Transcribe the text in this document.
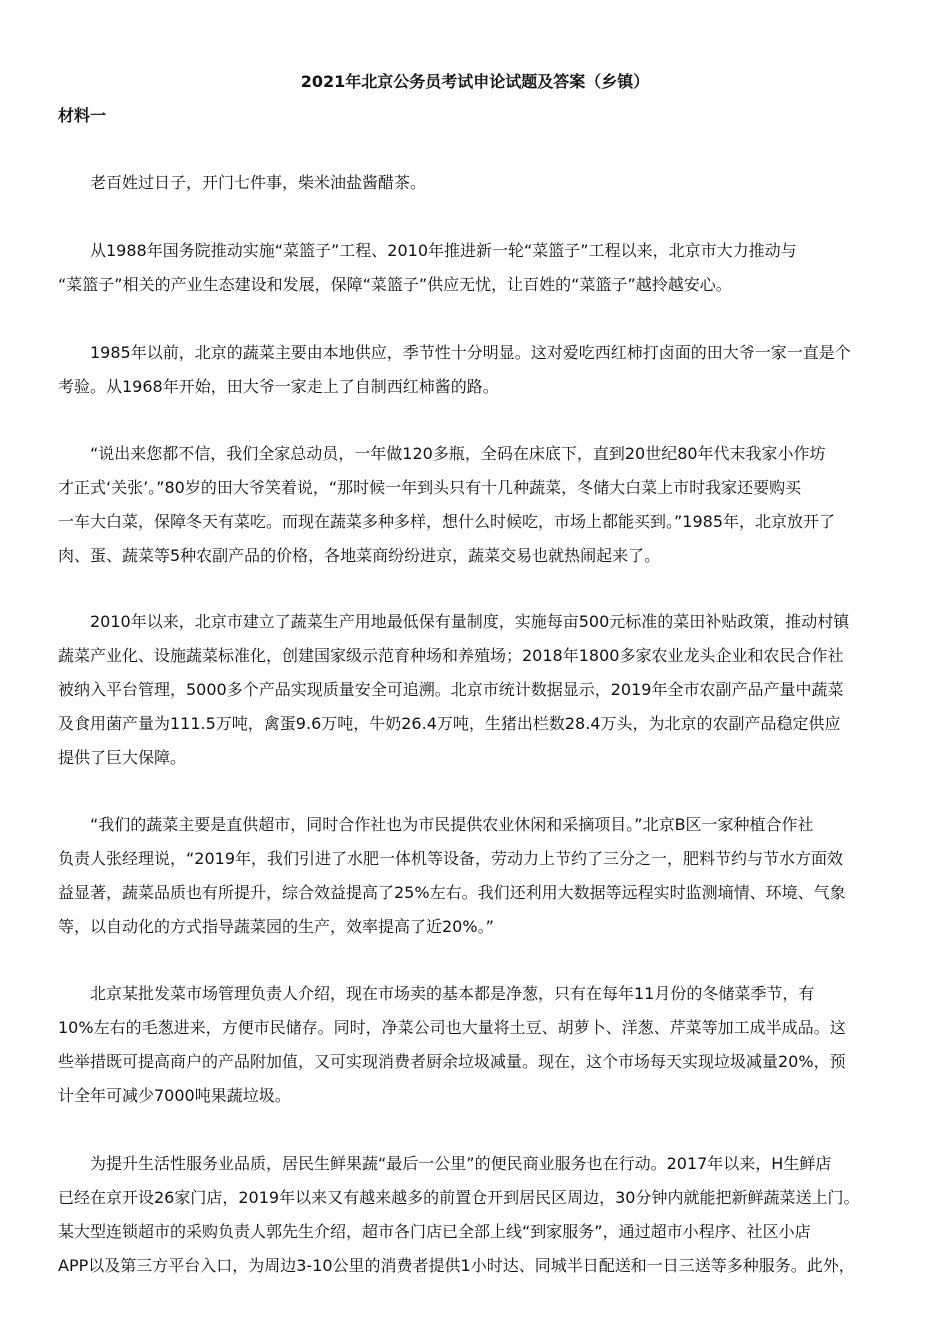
2021年北京公务员考试申论试题及答案（乡镇）
材料一

老百姓过日子，开门七件事，柴米油盐酱醋茶。

从1988年国务院推动实施“菜篮子”工程、2010年推进新一轮“菜篮子”工程以来，北京市大力推动与
“菜篮子”相关的产业生态建设和发展，保障“菜篮子”供应无忧，让百姓的“菜篮子”越拎越安心。

1985年以前，北京的蔬菜主要由本地供应，季节性十分明显。这对爱吃西红柿打卤面的田大爷一家一直是个
考验。从1968年开始，田大爷一家走上了自制西红柿酱的路。

“说出来您都不信，我们全家总动员，一年做120多瓶，全码在床底下，直到20世纪80年代末我家小作坊
才正式‘关张’。”80岁的田大爷笑着说，“那时候一年到头只有十几种蔬菜，冬储大白菜上市时我家还要购买
一车大白菜，保障冬天有菜吃。而现在蔬菜多种多样，想什么时候吃，市场上都能买到。”1985年，北京放开了
肉、蛋、蔬菜等5种农副产品的价格，各地菜商纷纷进京，蔬菜交易也就热闹起来了。

2010年以来，北京市建立了蔬菜生产用地最低保有量制度，实施每亩500元标准的菜田补贴政策，推动村镇
蔬菜产业化、设施蔬菜标准化，创建国家级示范育种场和养殖场；2018年1800多家农业龙头企业和农民合作社
被纳入平台管理，5000多个产品实现质量安全可追溯。北京市统计数据显示，2019年全市农副产品产量中蔬菜
及食用菌产量为111.5万吨，禽蛋9.6万吨，牛奶26.4万吨，生猪出栏数28.4万头，为北京的农副产品稳定供应
提供了巨大保障。

“我们的蔬菜主要是直供超市，同时合作社也为市民提供农业休闲和采摘项目。”北京B区一家种植合作社
负责人张经理说，“2019年，我们引进了水肥一体机等设备，劳动力上节约了三分之一，肥料节约与节水方面效
益显著，蔬菜品质也有所提升，综合效益提高了25%左右。我们还利用大数据等远程实时监测墒情、环境、气象
等，以自动化的方式指导蔬菜园的生产，效率提高了近20%。”

北京某批发菜市场管理负责人介绍，现在市场卖的基本都是净葱，只有在每年11月份的冬储菜季节，有
10%左右的毛葱进来，方便市民储存。同时，净菜公司也大量将土豆、胡萝卜、洋葱、芹菜等加工成半成品。这
些举措既可提高商户的产品附加值，又可实现消费者厨余垃圾减量。现在，这个市场每天实现垃圾减量20%，预
计全年可减少7000吨果蔬垃圾。

为提升生活性服务业品质，居民生鲜果蔬“最后一公里”的便民商业服务也在行动。2017年以来，H生鲜店
已经在京开设26家门店，2019年以来又有越来越多的前置仓开到居民区周边，30分钟内就能把新鲜蔬菜送上门。
某大型连锁超市的采购负责人郭先生介绍，超市各门店已全部上线“到家服务”，通过超市小程序、社区小店
APP以及第三方平台入口，为周边3-10公里的消费者提供1小时达、同城半日配送和一日三送等多种服务。此外，
